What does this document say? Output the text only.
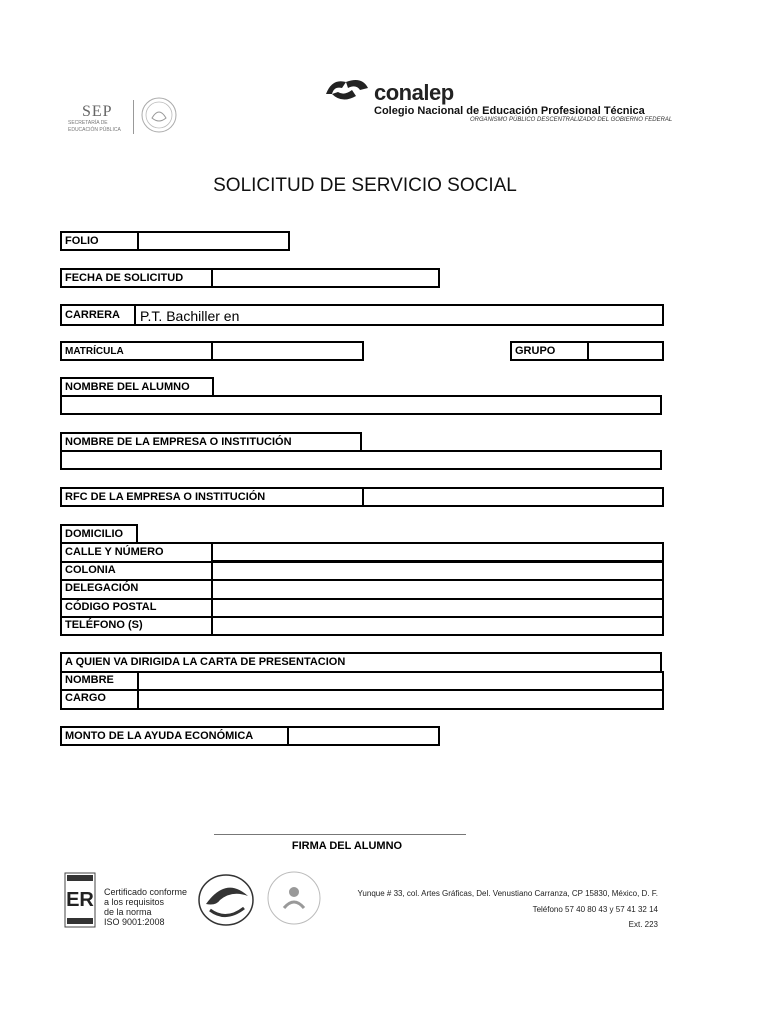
SEP
SECRETARÍA DE
EDUCACIÓN PÚBLICA
conalep
Colegio Nacional de Educación Profesional Técnica
ORGANISMO PÚBLICO DESCENTRALIZADO DEL GOBIERNO FEDERAL
SOLICITUD DE SERVICIO SOCIAL
FOLIO
FECHA DE SOLICITUD
CARRERA	P.T. Bachiller en
MATRÍCULA	GRUPO
NOMBRE DEL ALUMNO
NOMBRE DE LA EMPRESA O INSTITUCIÓN
RFC DE LA EMPRESA O INSTITUCIÓN
DOMICILIO
CALLE Y NÚMERO
COLONIA
DELEGACIÓN
CÓDIGO POSTAL
TELÉFONO (S)
A QUIEN VA DIRIGIDA LA CARTA DE PRESENTACION
NOMBRE
CARGO
MONTO DE LA AYUDA ECONÓMICA
FIRMA DEL ALUMNO
ER Certificado conforme
a los requisitos
de la norma
ISO 9001:2008
Yunque # 33, col. Artes Gráficas, Del. Venustiano Carranza, CP 15830, México, D. F.
Teléfono 57 40 80 43 y 57 41 32 14
Ext. 223
